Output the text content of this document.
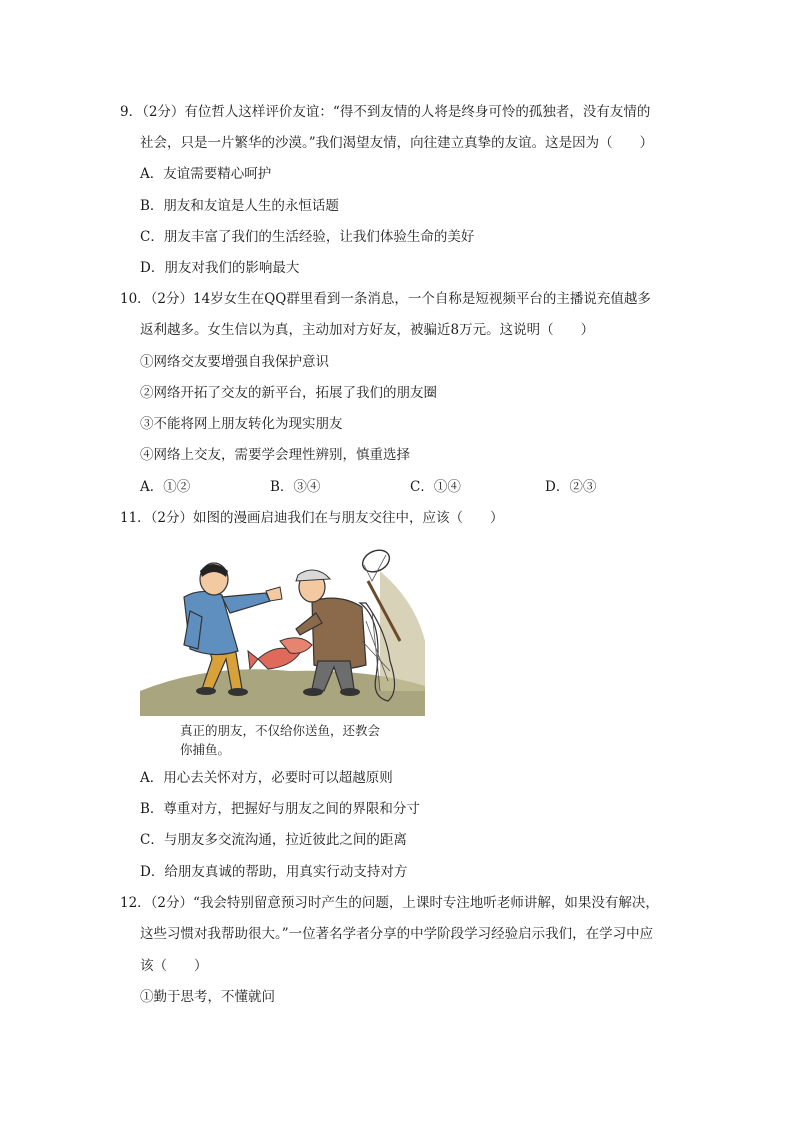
9．（2分）有位哲人这样评价友谊：“得不到友情的人将是终身可怜的孤独者，没有友情的
社会，只是一片繁华的沙漠。”我们渴望友情，向往建立真挚的友谊。这是因为（　　）
A．友谊需要精心呵护
B．朋友和友谊是人生的永恒话题
C．朋友丰富了我们的生活经验，让我们体验生命的美好
D．朋友对我们的影响最大
10．（2分）14岁女生在QQ群里看到一条消息，一个自称是短视频平台的主播说充值越多
返利越多。女生信以为真，主动加对方好友，被骗近8万元。这说明（　　）
①网络交友要增强自我保护意识
②网络开拓了交友的新平台，拓展了我们的朋友圈
③不能将网上朋友转化为现实朋友
④网络上交友，需要学会理性辨别，慎重选择
A．①②	B．③④	C．①④	D．②③
11．（2分）如图的漫画启迪我们在与朋友交往中，应该（　　）
真正的朋友，不仅给你送鱼，还教会
你捕鱼。
A．用心去关怀对方，必要时可以超越原则
B．尊重对方，把握好与朋友之间的界限和分寸
C．与朋友多交流沟通，拉近彼此之间的距离
D．给朋友真诚的帮助，用真实行动支持对方
12．（2分）“我会特别留意预习时产生的问题，上课时专注地听老师讲解，如果没有解决，
这些习惯对我帮助很大。”一位著名学者分享的中学阶段学习经验启示我们，在学习中应
该（　　）
①勤于思考，不懂就问
